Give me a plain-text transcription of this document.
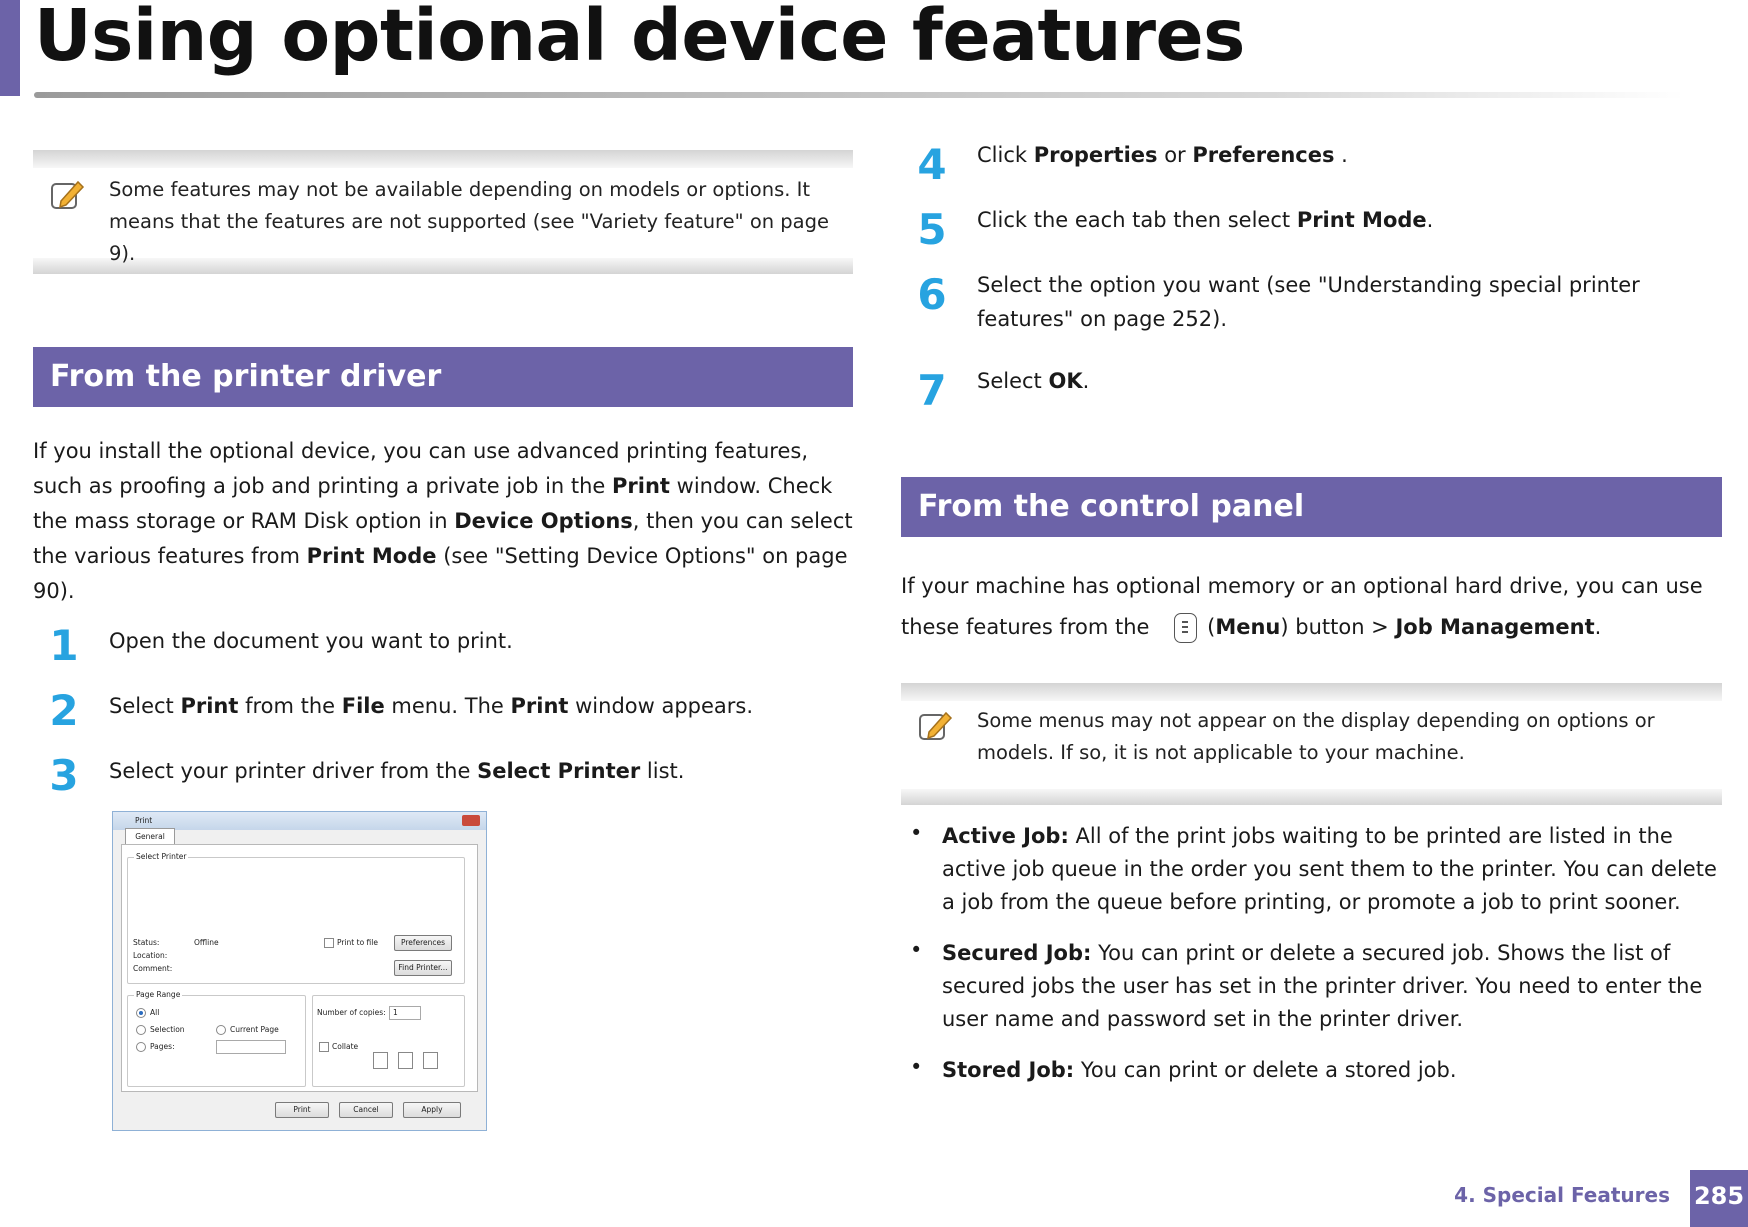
Using optional device features
Some features may not be available depending on models or options. It means that the features are not supported (see "Variety feature" on page 9).
From the printer driver
If you install the optional device, you can use advanced printing features, such as proofing a job and printing a private job in the Print window. Check the mass storage or RAM Disk option in Device Options, then you can select the various features from Print Mode (see "Setting Device Options" on page 90).
1 Open the document you want to print.
2 Select Print from the File menu. The Print window appears.
3 Select your printer driver from the Select Printer list.
Print
General
Select Printer
Status:	Offline
Location:
Comment:
Print to file	Preferences
Find Printer...
Page Range
All
Selection	Current Page
Pages:
Number of copies: 1
Collate
Print	Cancel	Apply
4 Click Properties or Preferences .
5 Click the each tab then select Print Mode.
6 Select the option you want (see "Understanding special printer features" on page 252).
7 Select OK.
From the control panel
If your machine has optional memory or an optional hard drive, you can use these features from the
(Menu) button > Job Management.
Some menus may not appear on the display depending on options or models. If so, it is not applicable to your machine.
• Active Job: All of the print jobs waiting to be printed are listed in the active job queue in the order you sent them to the printer. You can delete a job from the queue before printing, or promote a job to print sooner.
• Secured Job: You can print or delete a secured job. Shows the list of secured jobs the user has set in the printer driver. You need to enter the user name and password set in the printer driver.
• Stored Job: You can print or delete a stored job.
4. Special Features 285
